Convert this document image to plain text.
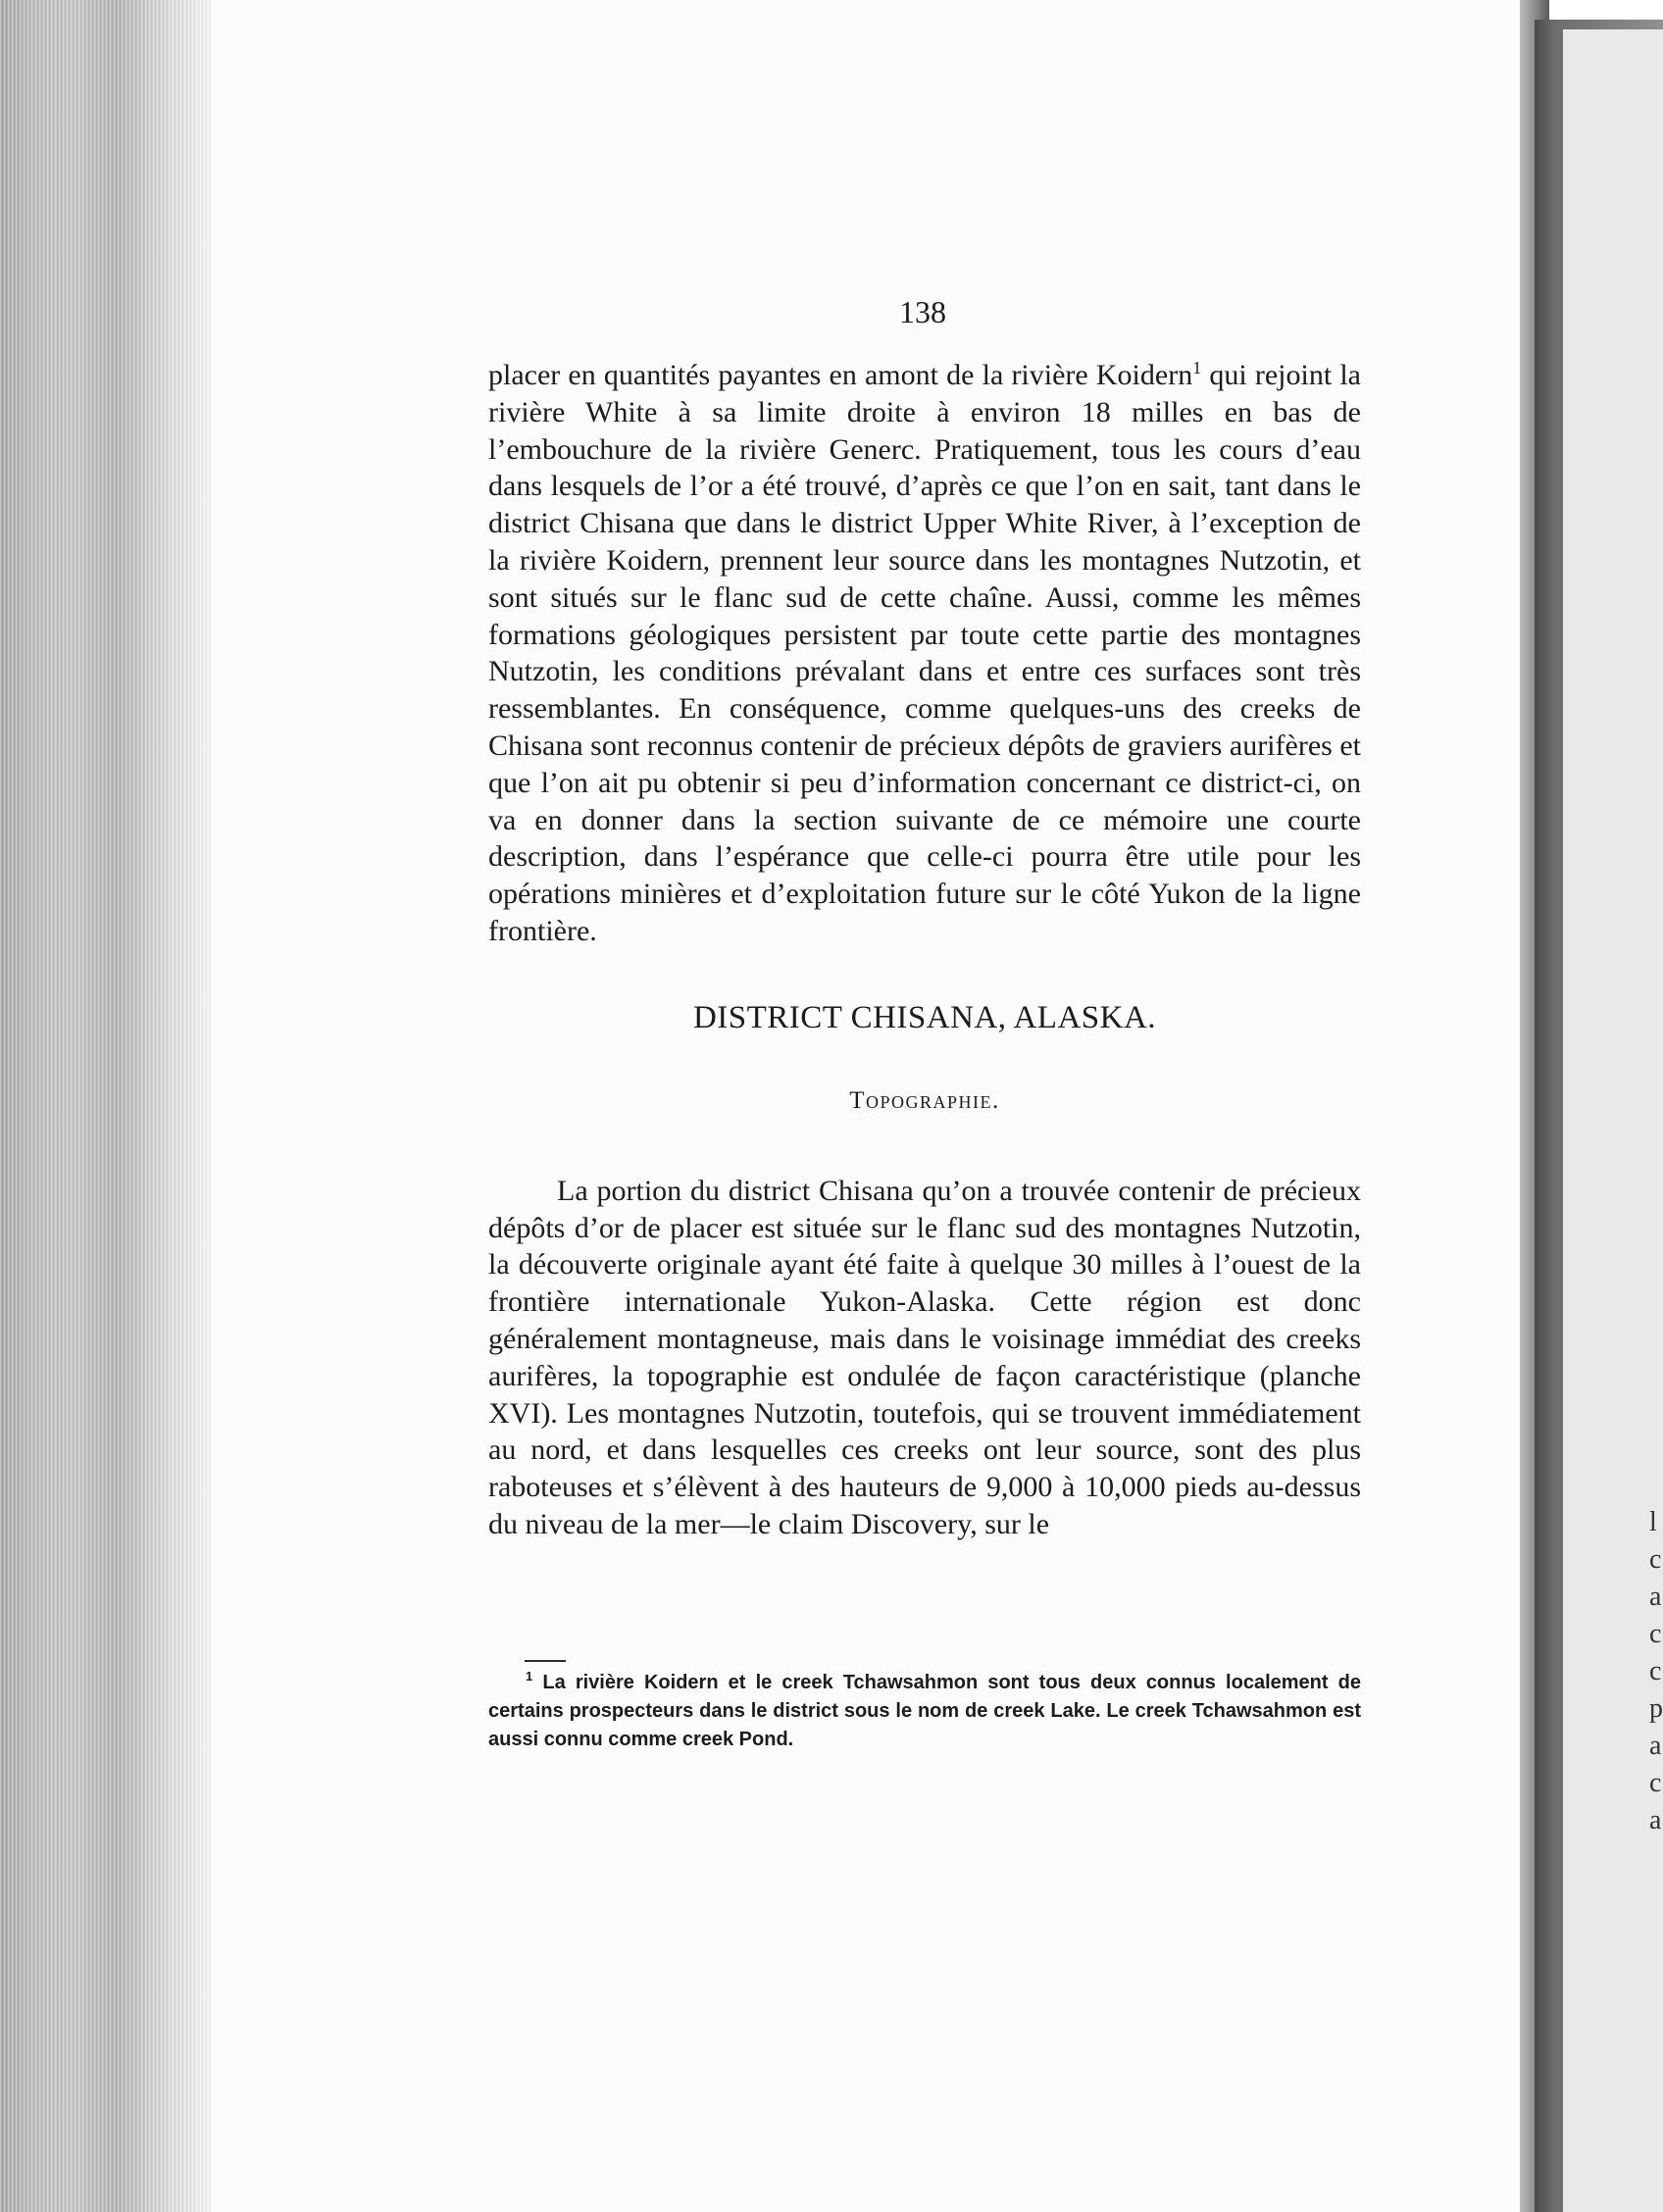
l
c
a
c
c
p
a
c
a

138

placer en quantités payantes en amont de la rivière Koidern$^1$ qui rejoint la rivière White à sa limite droite à environ 18 milles en bas de l’embouchure de la rivière Generc. Pratiquement, tous les cours d’eau dans lesquels de l’or a été trouvé, d’après ce que l’on en sait, tant dans le district Chisana que dans le district Upper White River, à l’exception de la rivière Koidern, prennent leur source dans les montagnes Nutzotin, et sont situés sur le flanc sud de cette chaîne. Aussi, comme les mêmes formations géologiques persistent par toute cette partie des montagnes Nutzotin, les conditions prévalant dans et entre ces surfaces sont très ressemblantes. En conséquence, comme quelques-uns des creeks de Chisana sont reconnus contenir de précieux dépôts de graviers aurifères et que l’on ait pu obtenir si peu d’information concernant ce district-ci, on va en donner dans la section suivante de ce mémoire une courte description, dans l’espérance que celle-ci pourra être utile pour les opérations minières et d’exploitation future sur le côté Yukon de la ligne frontière.

DISTRICT CHISANA, ALASKA.
Topographie.

La portion du district Chisana qu’on a trouvée contenir de précieux dépôts d’or de placer est située sur le flanc sud des montagnes Nutzotin, la découverte originale ayant été faite à quelque 30 milles à l’ouest de la frontière internationale Yukon-Alaska. Cette région est donc généralement montagneuse, mais dans le voisinage immédiat des creeks aurifères, la topographie est ondulée de façon caractéristique (planche XVI). Les montagnes Nutzotin, toutefois, qui se trouvent immédiatement au nord, et dans lesquelles ces creeks ont leur source, sont des plus raboteuses et s’élèvent à des hauteurs de 9,000 à 10,000 pieds au-dessus du niveau de la mer—le claim Discovery, sur le

$^1$ La rivière Koidern et le creek Tchawsahmon sont tous deux connus localement de certains prospecteurs dans le district sous le nom de creek Lake. Le creek Tchawsahmon est aussi connu comme creek Pond.
